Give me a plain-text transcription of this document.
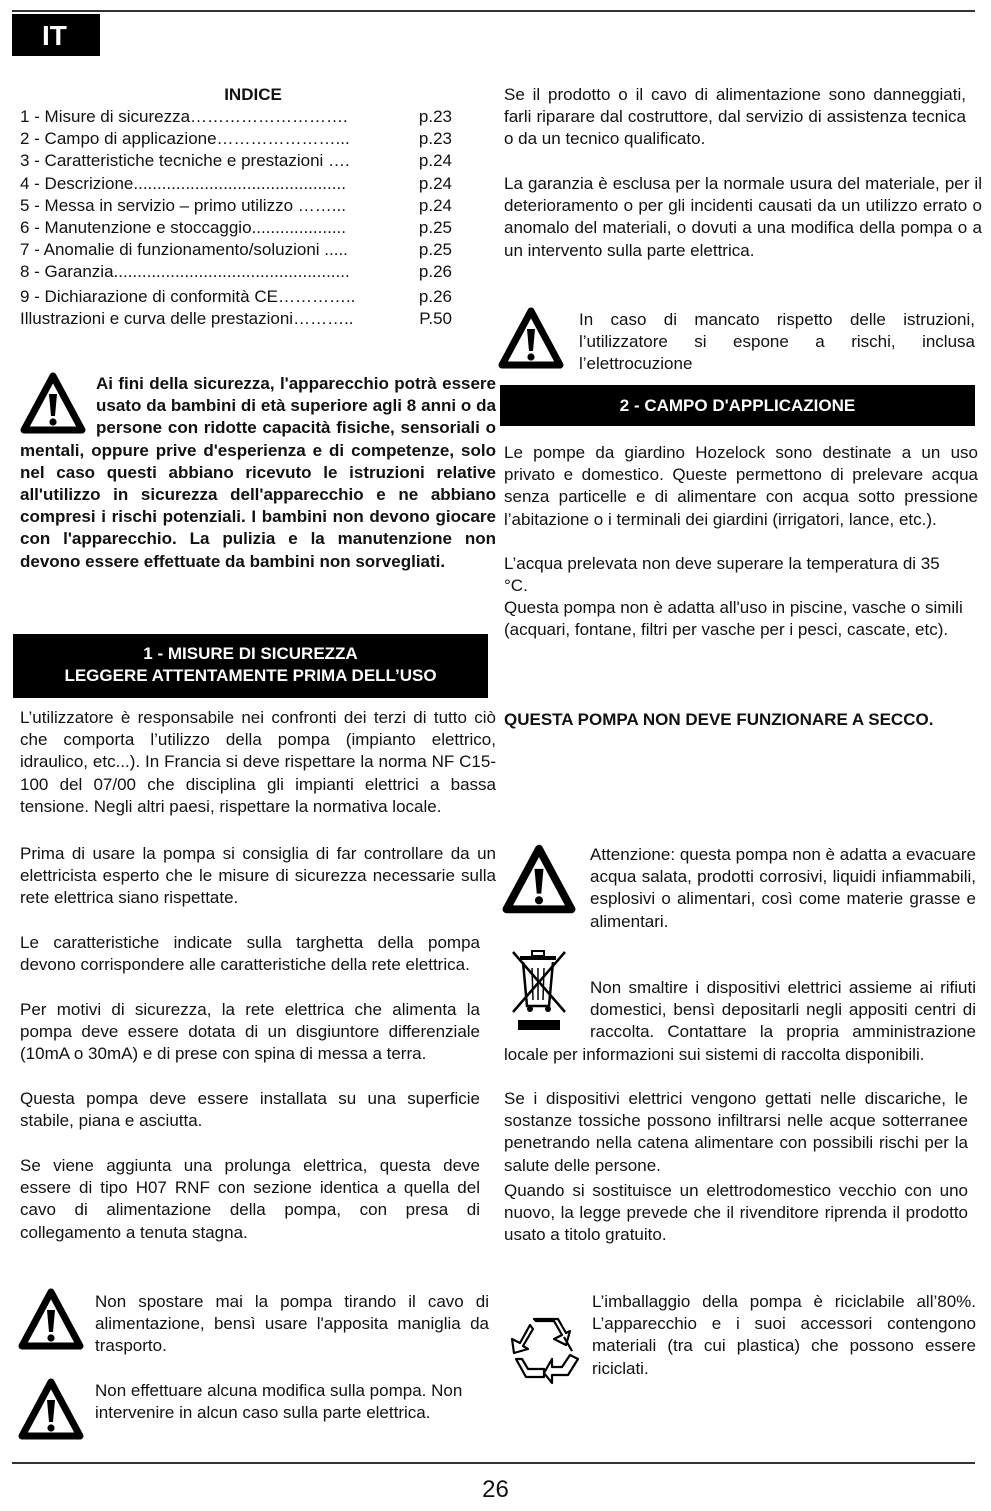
IT
INDICE
1 - Misure di sicurezza……………………….	p.23
2 - Campo di applicazione…………………...	p.23
3 - Caratteristiche tecniche e prestazioni ….	p.24
4 - Descrizione.............................................	p.24
5 - Messa in servizio – primo utilizzo ……...	p.24
6 - Manutenzione e stoccaggio....................	p.25
7 - Anomalie di funzionamento/soluzioni .....	p.25
8 - Garanzia..................................................	p.26
9 - Dichiarazione di conformità CE…………..	p.26
Illustrazioni e curva delle prestazioni………..	P.50

Ai fini della sicurezza, l'apparecchio potrà essere usato da bambini di età superiore agli 8 anni o da persone con ridotte capacità fisiche, sensoriali o mentali, oppure prive d'esperienza e di competenze, solo nel caso questi abbiano ricevuto le istruzioni relative all'utilizzo in sicurezza dell'apparecchio e ne abbiano compresi i rischi potenziali. I bambini non devono giocare con l'apparecchio. La pulizia e la manutenzione non devono essere effettuate da bambini non sorvegliati.

1 - MISURE DI SICUREZZA
LEGGERE ATTENTAMENTE PRIMA DELL’USO

L’utilizzatore è responsabile nei confronti dei terzi di tutto ciò che comporta l’utilizzo della pompa (impianto elettrico, idraulico, etc...). In Francia si deve rispettare la norma NF C15-100 del 07/00 che disciplina gli impianti elettrici a bassa tensione. Negli altri paesi, rispettare la normativa locale.

Prima di usare la pompa si consiglia di far controllare da un elettricista esperto che le misure di sicurezza necessarie sulla rete elettrica siano rispettate.

Le caratteristiche indicate sulla targhetta della pompa devono corrispondere alle caratteristiche della rete elettrica.

Per motivi di sicurezza, la rete elettrica che alimenta la pompa deve essere dotata di un disgiuntore differenziale (10mA o 30mA) e di prese con spina di messa a terra.

Questa pompa deve essere installata su una superficie stabile, piana e asciutta.

Se viene aggiunta una prolunga elettrica, questa deve essere di tipo H07 RNF con sezione identica a quella del cavo di alimentazione della pompa, con presa di collegamento a tenuta stagna.

Non spostare mai la pompa tirando il cavo di alimentazione, bensì usare l'apposita maniglia da trasporto.

Non effettuare alcuna modifica sulla pompa. Non intervenire in alcun caso sulla parte elettrica.

Se il prodotto o il cavo di alimentazione sono danneggiati, farli riparare dal costruttore, dal servizio di assistenza tecnica o da un tecnico qualificato.

La garanzia è esclusa per la normale usura del materiale, per il deterioramento o per gli incidenti causati da un utilizzo errato o anomalo del materiali, o dovuti a una modifica della pompa o a un intervento sulla parte elettrica.

In caso di mancato rispetto delle istruzioni, l’utilizzatore si espone a rischi, inclusa l’elettrocuzione

2 - CAMPO D'APPLICAZIONE

Le pompe da giardino Hozelock sono destinate a un uso privato e domestico. Queste permettono di prelevare acqua senza particelle e di alimentare con acqua sotto pressione l’abitazione o i terminali dei giardini (irrigatori, lance, etc.).

L’acqua prelevata non deve superare la temperatura di 35 °C.

Questa pompa non è adatta all'uso in piscine, vasche o simili (acquari, fontane, filtri per vasche per i pesci, cascate, etc).

QUESTA POMPA NON DEVE FUNZIONARE A SECCO.

Attenzione: questa pompa non è adatta a evacuare acqua salata, prodotti corrosivi, liquidi infiammabili, esplosivi o alimentari, così come materie grasse e alimentari.

Non smaltire i dispositivi elettrici assieme ai rifiuti domestici, bensì depositarli negli appositi centri di raccolta. Contattare la propria amministrazione locale per informazioni sui sistemi di raccolta disponibili.

Se i dispositivi elettrici vengono gettati nelle discariche, le sostanze tossiche possono infiltrarsi nelle acque sotterranee penetrando nella catena alimentare con possibili rischi per la salute delle persone.

Quando si sostituisce un elettrodomestico vecchio con uno nuovo, la legge prevede che il rivenditore riprenda il prodotto usato a titolo gratuito.

L’imballaggio della pompa è riciclabile all’80%. L’apparecchio e i suoi accessori contengono materiali (tra cui plastica) che possono essere riciclati.

26
